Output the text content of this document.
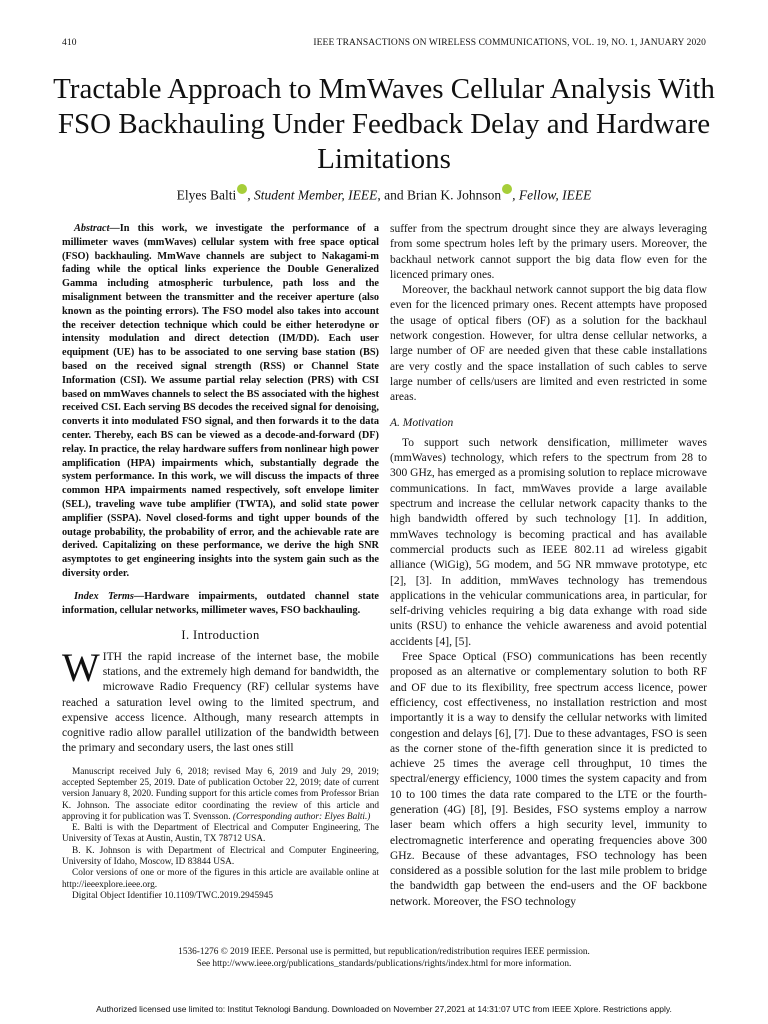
410	IEEE TRANSACTIONS ON WIRELESS COMMUNICATIONS, VOL. 19, NO. 1, JANUARY 2020
Tractable Approach to MmWaves Cellular Analysis With FSO Backhauling Under Feedback Delay and Hardware Limitations
Elyes Balti , Student Member, IEEE, and Brian K. Johnson , Fellow, IEEE

Abstract—In this work, we investigate the performance of a millimeter waves (mmWaves) cellular system with free space optical (FSO) backhauling. MmWave channels are subject to Nakagami-m fading while the optical links experience the Double Generalized Gamma including atmospheric turbulence, path loss and the misalignment between the transmitter and the receiver aperture (also known as the pointing errors). The FSO model also takes into account the receiver detection technique which could be either heterodyne or intensity modulation and direct detection (IM/DD). Each user equipment (UE) has to be associated to one serving base station (BS) based on the received signal strength (RSS) or Channel State Information (CSI). We assume partial relay selection (PRS) with CSI based on mmWaves channels to select the BS associated with the highest received CSI. Each serving BS decodes the received signal for denoising, converts it into modulated FSO signal, and then forwards it to the data center. Thereby, each BS can be viewed as a decode-and-forward (DF) relay. In practice, the relay hardware suffers from nonlinear high power amplification (HPA) impairments which, substantially degrade the system performance. In this work, we will discuss the impacts of three common HPA impairments named respectively, soft envelope limiter (SEL), traveling wave tube amplifier (TWTA), and solid state power amplifier (SSPA). Novel closed-forms and tight upper bounds of the outage probability, the probability of error, and the achievable rate are derived. Capitalizing on these performance, we derive the high SNR asymptotes to get engineering insights into the system gain such as the diversity order.

Index Terms—Hardware impairments, outdated channel state information, cellular networks, millimeter waves, FSO backhauling.

I. Introduction

WITH the rapid increase of the internet base, the mobile stations, and the extremely high demand for bandwidth, the microwave Radio Frequency (RF) cellular systems have reached a saturation level owing to the limited spectrum, and expensive access licence. Although, many research attempts in cognitive radio allow parallel utilization of the bandwidth between the primary and secondary users, the last ones still

Manuscript received July 6, 2018; revised May 6, 2019 and July 29, 2019; accepted September 25, 2019. Date of publication October 22, 2019; date of current version January 8, 2020. Funding support for this article comes from Professor Brian K. Johnson. The associate editor coordinating the review of this article and approving it for publication was T. Svensson. (Corresponding author: Elyes Balti.)

E. Balti is with the Department of Electrical and Computer Engineering, The University of Texas at Austin, Austin, TX 78712 USA.

B. K. Johnson is with Department of Electrical and Computer Engineering, University of Idaho, Moscow, ID 83844 USA.

Color versions of one or more of the figures in this article are available online at http://ieeexplore.ieee.org.

Digital Object Identifier 10.1109/TWC.2019.2945945

suffer from the spectrum drought since they are always leveraging from some spectrum holes left by the primary users. Moreover, the backhaul network cannot support the big data flow even for the licenced primary ones.

Moreover, the backhaul network cannot support the big data flow even for the licenced primary ones. Recent attempts have proposed the usage of optical fibers (OF) as a solution for the backhaul network congestion. However, for ultra dense cellular networks, a large number of OF are needed given that these cable installations are very costly and the space installation of such cables to serve large number of cells/users are limited and even restricted in some areas.

A. Motivation

To support such network densification, millimeter waves (mmWaves) technology, which refers to the spectrum from 28 to 300 GHz, has emerged as a promising solution to replace microwave communications. In fact, mmWaves provide a large available spectrum and increase the cellular network capacity thanks to the high bandwidth offered by such technology [1]. In addition, mmWaves technology is becoming practical and has available commercial products such as IEEE 802.11 ad wireless gigabit alliance (WiGig), 5G modem, and 5G NR mmwave prototype, etc [2], [3]. In addition, mmWaves technology has tremendous applications in the vehicular communications area, in particular, for self-driving vehicles requiring a big data exhange with road side units (RSU) to enhance the vehicle awareness and avoid potential accidents [4], [5].

Free Space Optical (FSO) communications has been recently proposed as an alternative or complementary solution to both RF and OF due to its flexibility, free spectrum access licence, power efficiency, cost effectiveness, no installation restriction and most importantly it is a way to densify the cellular networks with limited congestion and delays [6], [7]. Due to these advantages, FSO is seen as the corner stone of the-fifth generation since it is predicted to achieve 25 times the average cell throughput, 10 times the spectral/energy efficiency, 1000 times the system capacity and from 10 to 100 times the data rate compared to the LTE or the fourth-generation (4G) [8], [9]. Besides, FSO systems employ a narrow laser beam which offers a high security level, immunity to electromagnetic interference and operating frequencies above 300 GHz. Because of these advantages, FSO technology has been considered as a possible solution for the last mile problem to bridge the bandwidth gap between the end-users and the OF backbone network. Moreover, the FSO technology

1536-1276 © 2019 IEEE. Personal use is permitted, but republication/redistribution requires IEEE permission.
See http://www.ieee.org/publications_standards/publications/rights/index.html for more information.
Authorized licensed use limited to: Institut Teknologi Bandung. Downloaded on November 27,2021 at 14:31:07 UTC from IEEE Xplore. Restrictions apply.
